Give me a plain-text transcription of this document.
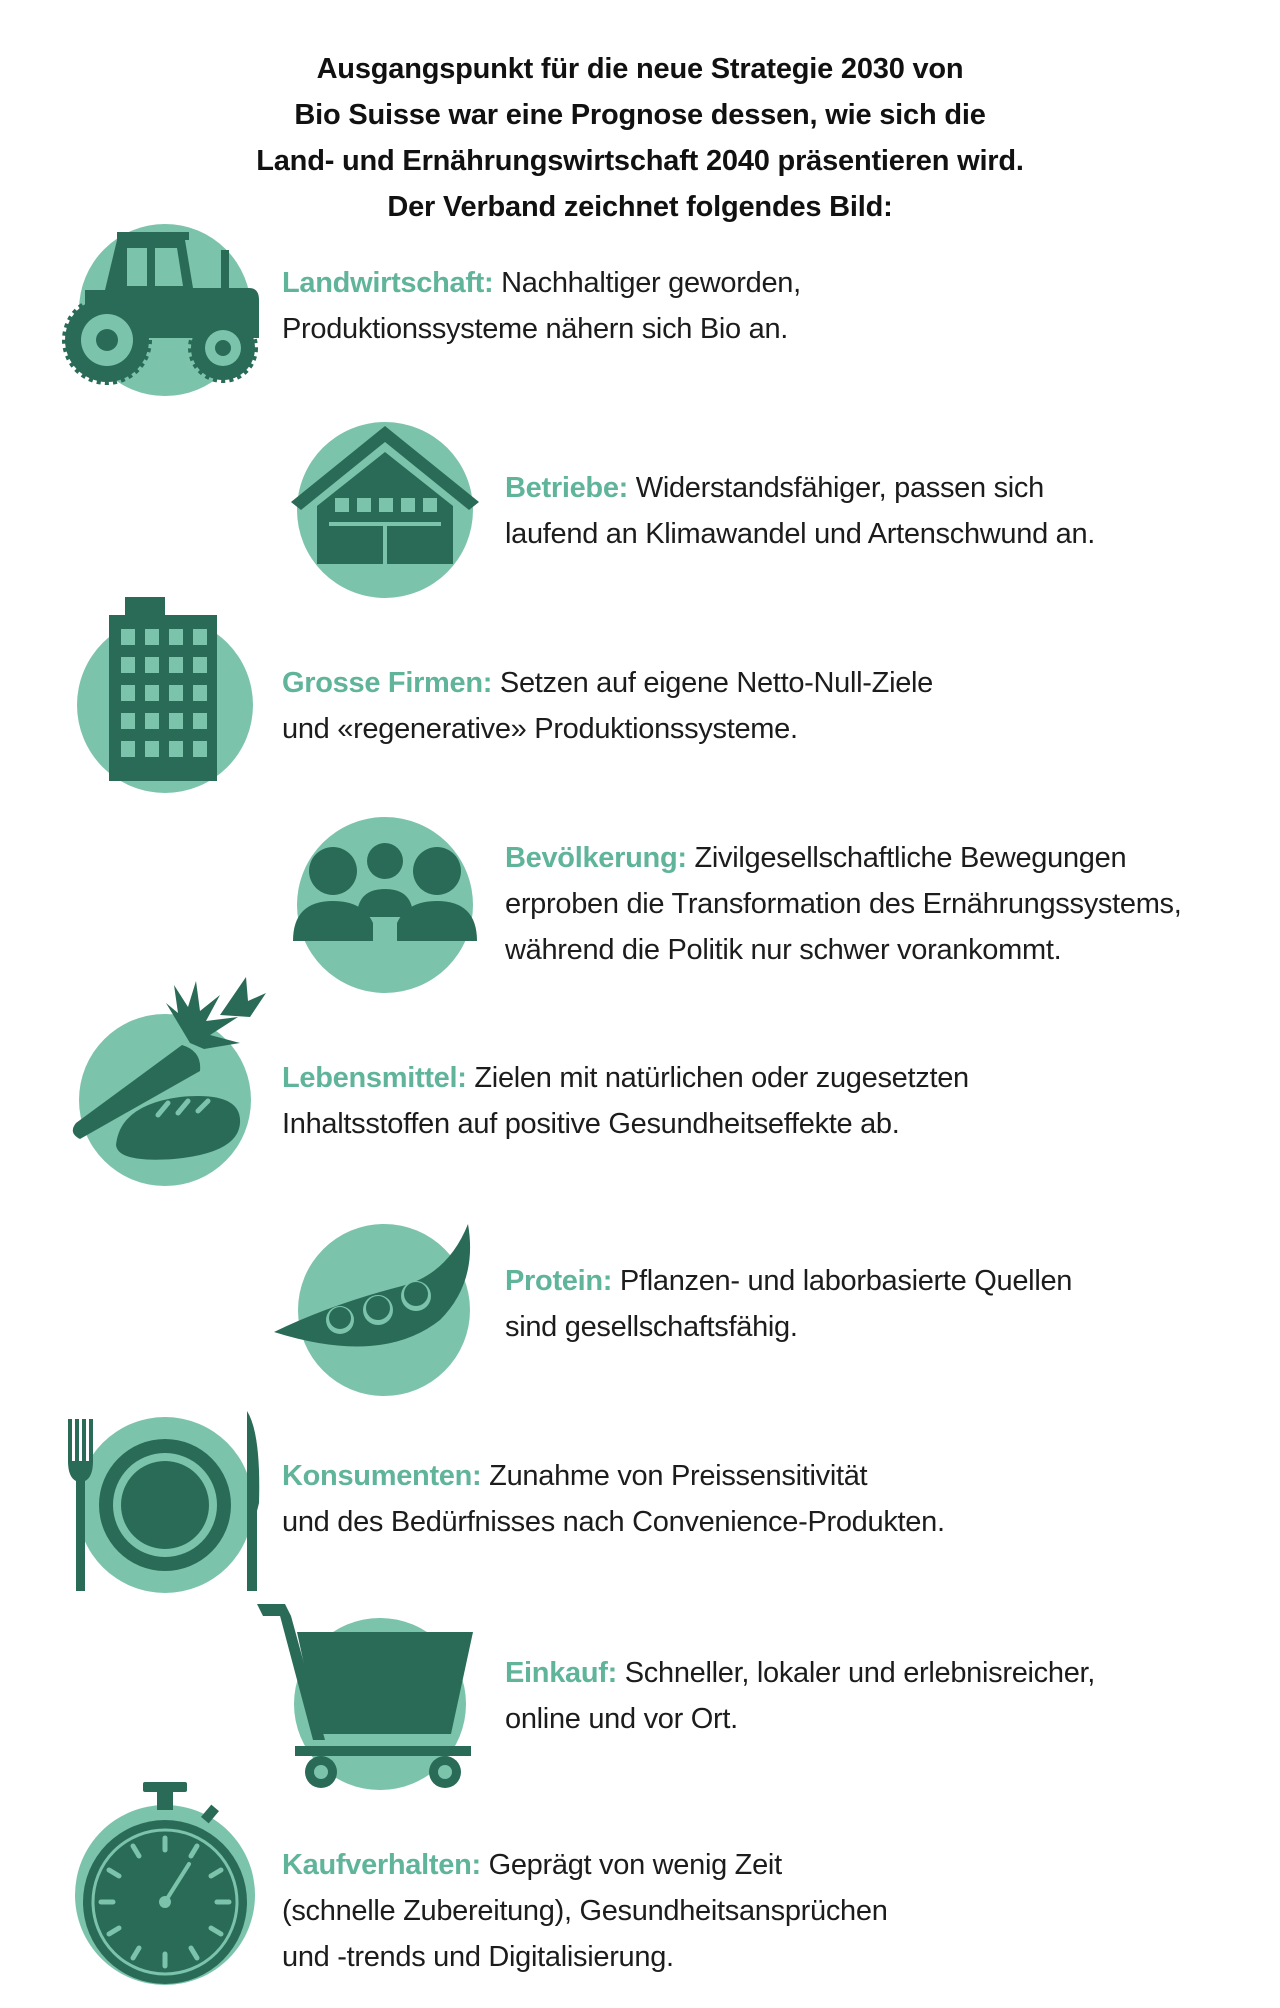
Ausgangspunkt für die neue Strategie 2030 von
Bio Suisse war eine Prognose dessen, wie sich die
Land- und Ernährungswirtschaft 2040 präsentieren wird.
Der Verband zeichnet folgendes Bild:
Landwirtschaft: Nachhaltiger geworden,
Produktionssysteme nähern sich Bio an.
Betriebe: Widerstandsfähiger, passen sich
laufend an Klimawandel und Artenschwund an.
Grosse Firmen: Setzen auf eigene Netto-Null-Ziele
und «regenerative» Produktionssysteme.
Bevölkerung: Zivilgesellschaftliche Bewegungen
erproben die Transformation des Ernährungssystems,
während die Politik nur schwer vorankommt.
Lebensmittel: Zielen mit natürlichen oder zugesetzten
Inhaltsstoffen auf positive Gesundheitseffekte ab.
Protein: Pflanzen- und laborbasierte Quellen
sind gesellschaftsfähig.
Konsumenten: Zunahme von Preissensitivität
und des Bedürfnisses nach Convenience-Produkten.
Einkauf: Schneller, lokaler und erlebnisreicher,
online und vor Ort.
Kaufverhalten: Geprägt von wenig Zeit
(schnelle Zubereitung), Gesundheitsansprüchen
und -trends und Digitalisierung.
